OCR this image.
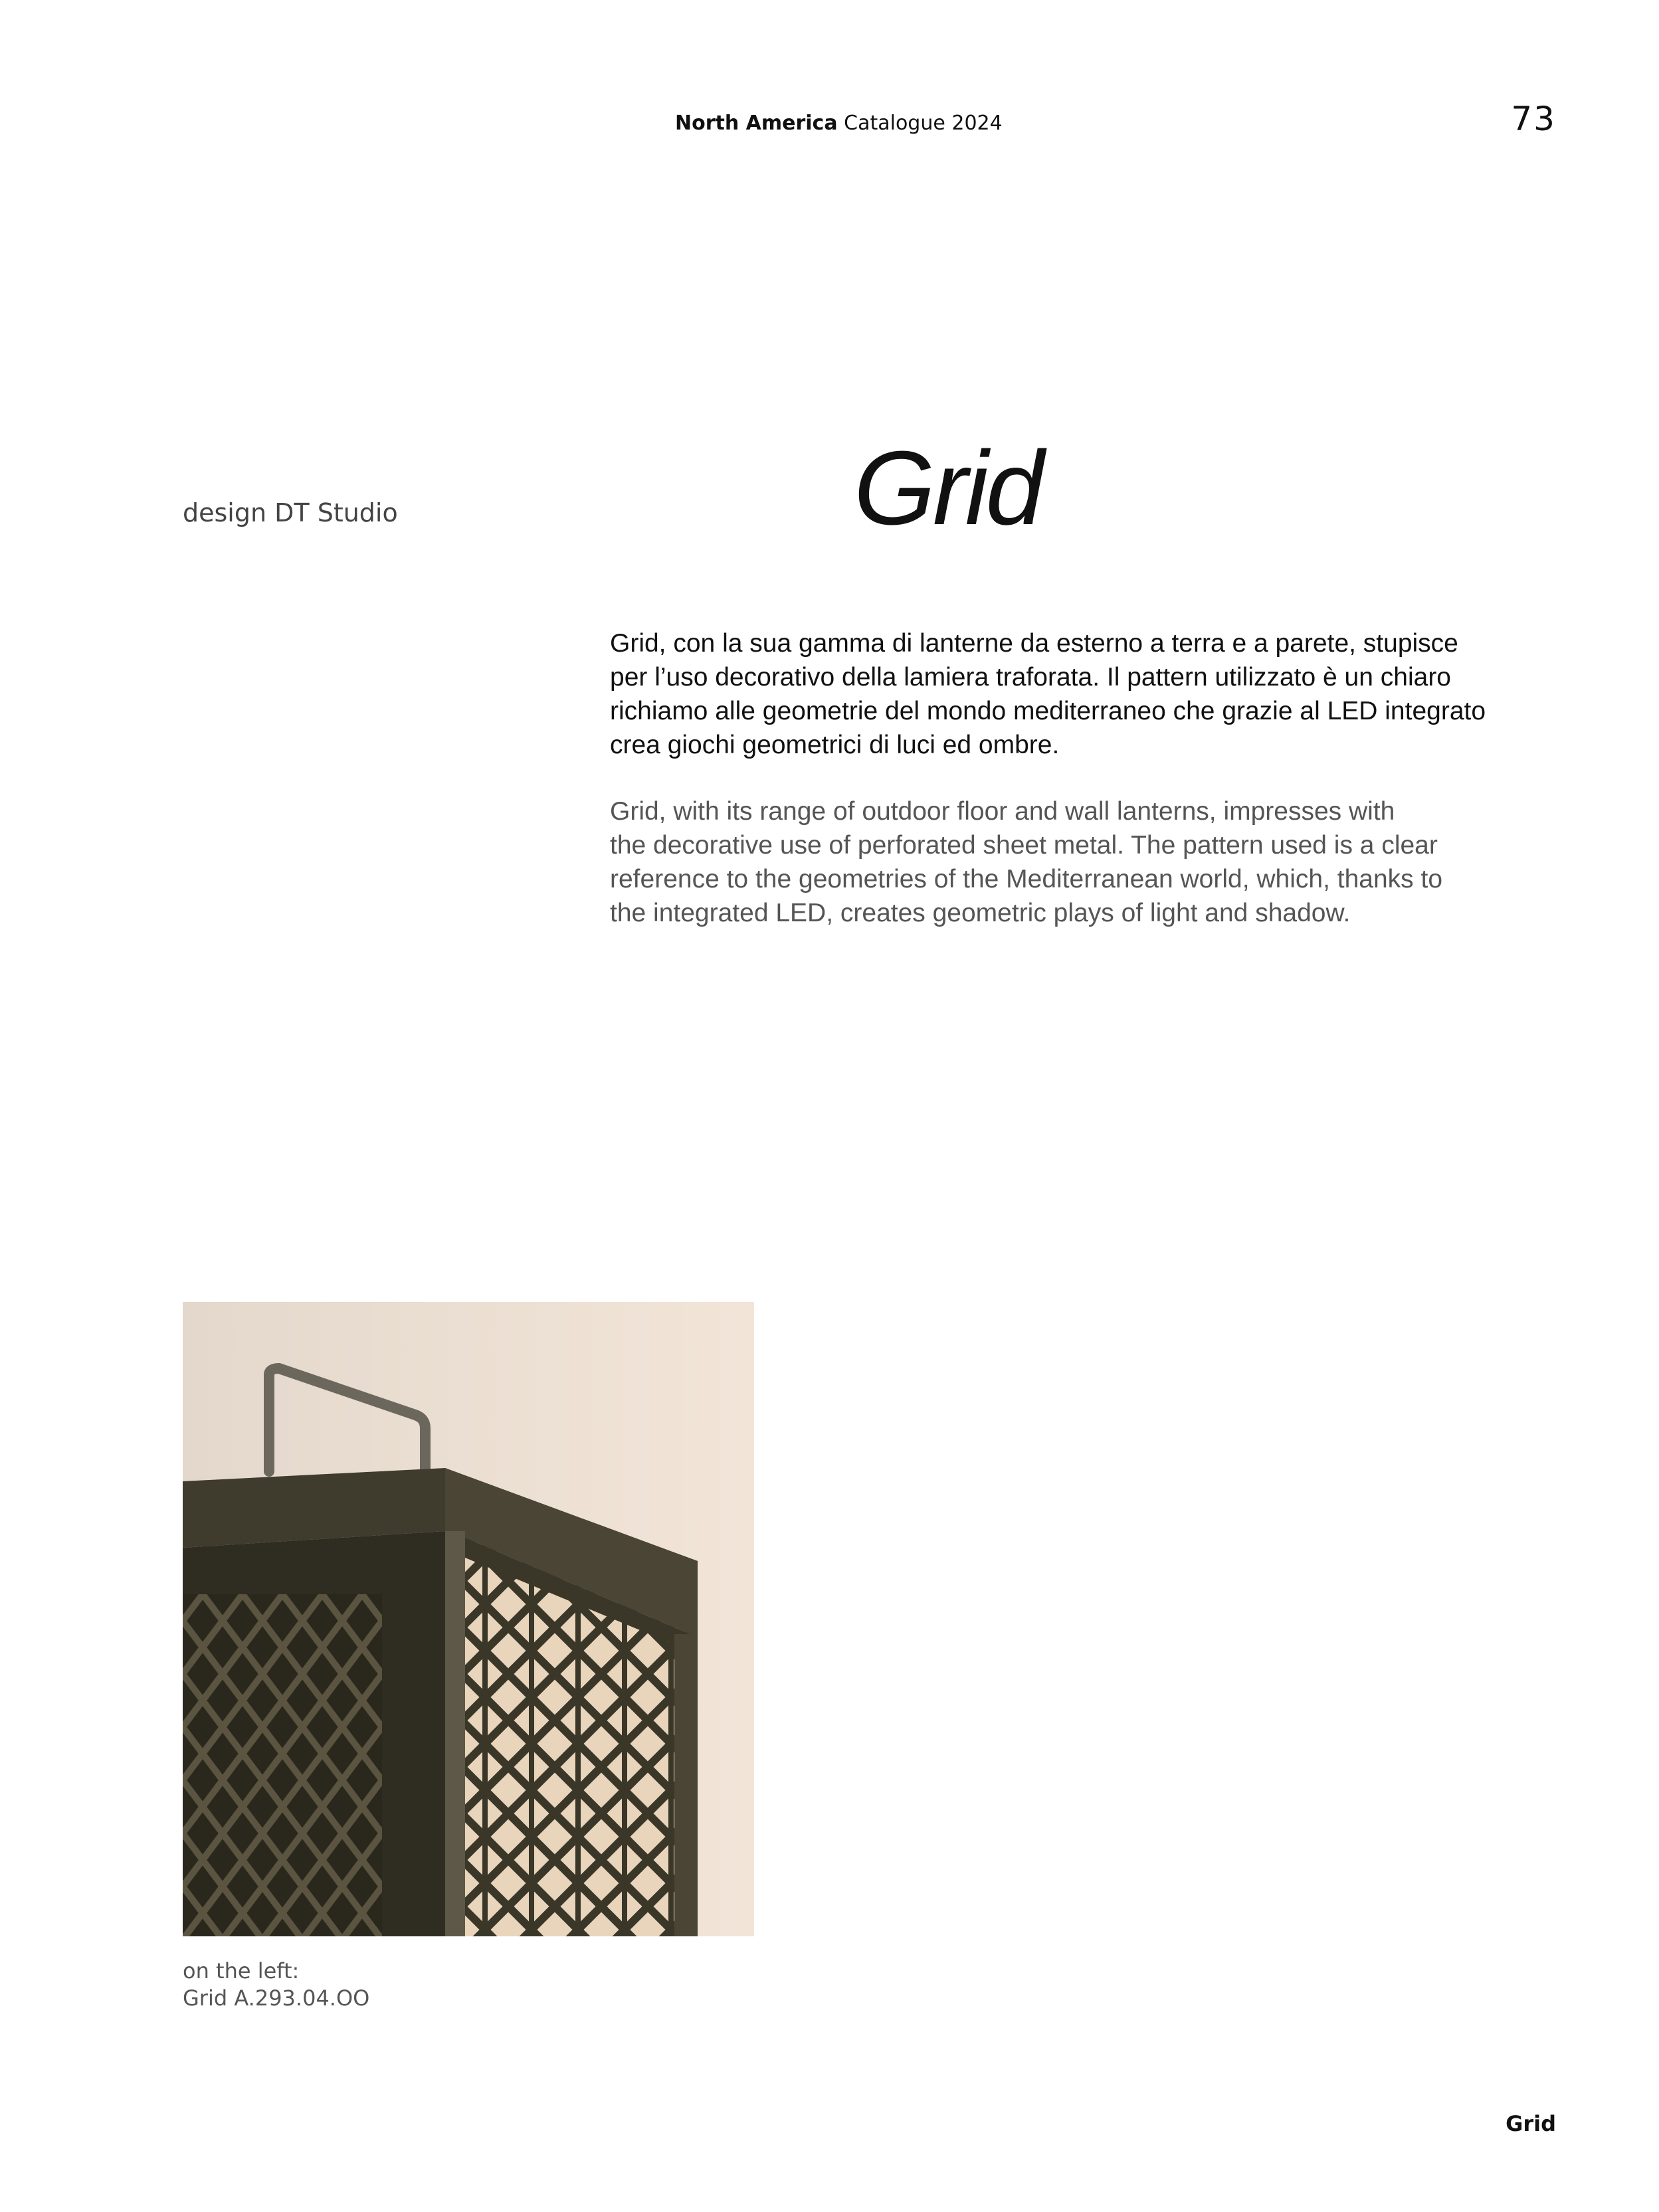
North America Catalogue 2024	73
design DT Studio	Grid
Grid, con la sua gamma di lanterne da esterno a terra e a parete, stupisce
per l’uso decorativo della lamiera traforata. Il pattern utilizzato è un chiaro
richiamo alle geometrie del mondo mediterraneo che grazie al LED integrato
crea giochi geometrici di luci ed ombre.
Grid, with its range of outdoor floor and wall lanterns, impresses with
the decorative use of perforated sheet metal. The pattern used is a clear
reference to the geometries of the Mediterranean world, which, thanks to
the integrated LED, creates geometric plays of light and shadow.
on the left:
Grid A.293.04.OO
Grid
